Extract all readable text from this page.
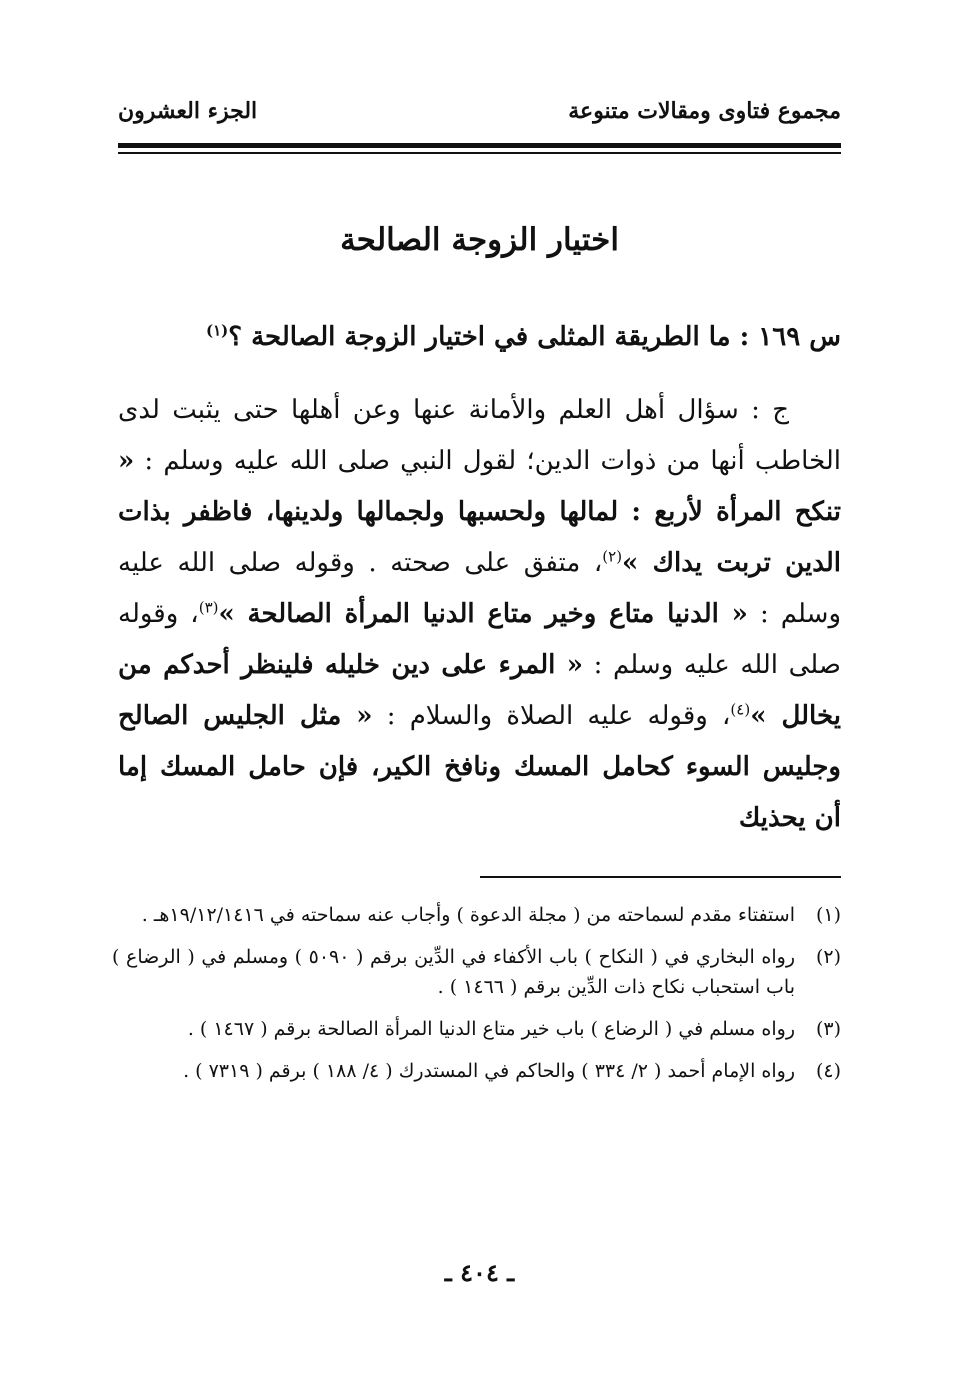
مجموع فتاوى ومقالات متنوعة
الجزء العشرون
اختيار الزوجة الصالحة
س ١٦٩ : ما الطريقة المثلى في اختيار الزوجة الصالحة ؟$^{(١)}$
ج : سؤال أهل العلم والأمانة عنها وعن أهلها حتى يثبت لدى الخاطب أنها من ذوات الدين؛ لقول النبي صلى الله عليه وسلم : « تنكح المرأة لأربع : لمالها ولحسبها ولجمالها ولدينها، فاظفر بذات الدين تربت يداك »$^{(٢)}$، متفق على صحته . وقوله صلى الله عليه وسلم : « الدنيا متاع وخير متاع الدنيا المرأة الصالحة »$^{(٣)}$، وقوله صلى الله عليه وسلم : « المرء على دين خليله فلينظر أحدكم من يخالل »$^{(٤)}$، وقوله عليه الصلاة والسلام : « مثل الجليس الصالح وجليس السوء كحامل المسك ونافخ الكير، فإن حامل المسك إما أن يحذيك
(١)
استفتاء مقدم لسماحته من ( مجلة الدعوة ) وأجاب عنه سماحته في ١٩/١٢/١٤١٦هـ .
(٢)
رواه البخاري في ( النكاح ) باب الأكفاء في الدِّين برقم ( ٥٠٩٠ ) ومسلم في ( الرضاع ) باب استحباب نكاح ذات الدِّين برقم ( ١٤٦٦ ) .
(٣)
رواه مسلم في ( الرضاع ) باب خير متاع الدنيا المرأة الصالحة برقم ( ١٤٦٧ ) .
(٤)
رواه الإمام أحمد ( ٢/ ٣٣٤ ) والحاكم في المستدرك ( ٤/ ١٨٨ ) برقم ( ٧٣١٩ ) .
ـ ٤٠٤ ـ
